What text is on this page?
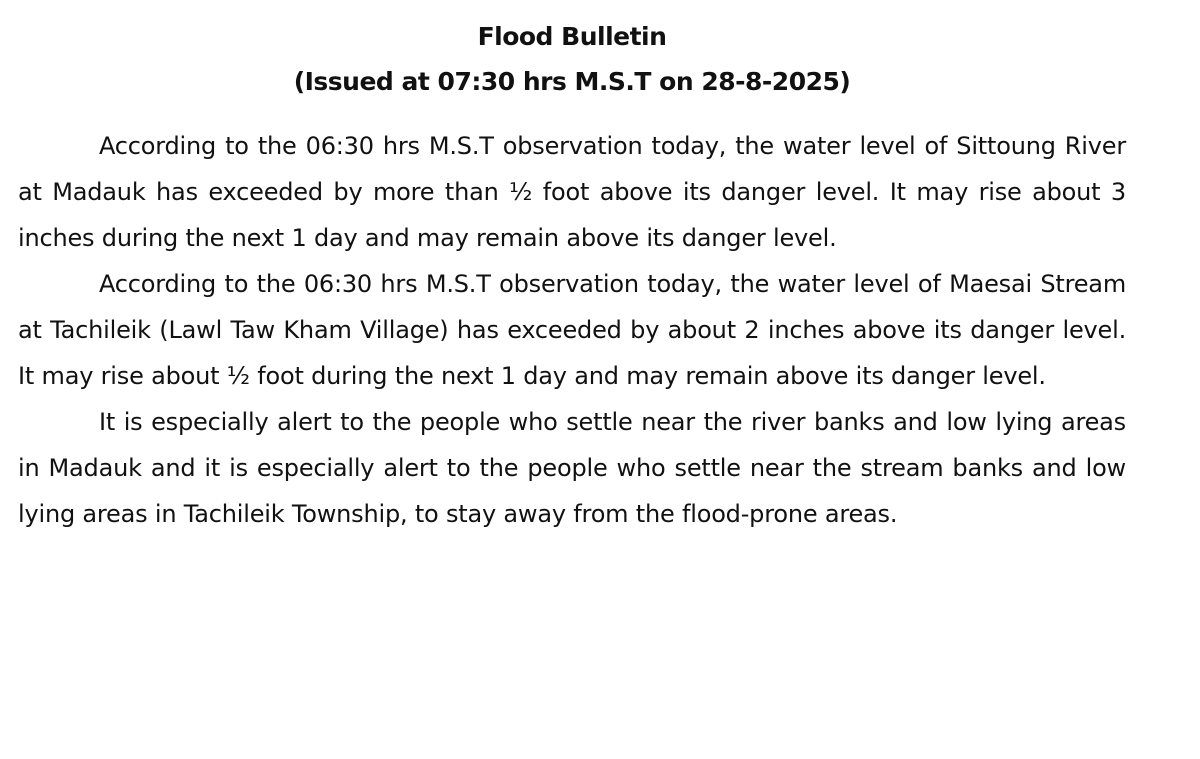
Flood Bulletin

(Issued at 07:30 hrs M.S.T on 28-8-2025)

According to the 06:30 hrs M.S.T observation today, the water level of Sittoung River at Madauk has exceeded by more than ½ foot above its danger level. It may rise about 3 inches during the next 1 day and may remain above its danger level.

According to the 06:30 hrs M.S.T observation today, the water level of Maesai Stream at Tachileik (Lawl Taw Kham Village) has exceeded by about 2 inches above its danger level. It may rise about ½ foot during the next 1 day and may remain above its danger level.

It is especially alert to the people who settle near the river banks and low lying areas in Madauk and it is especially alert to the people who settle near the stream banks and low lying areas in Tachileik Township, to stay away from the flood-prone areas.
